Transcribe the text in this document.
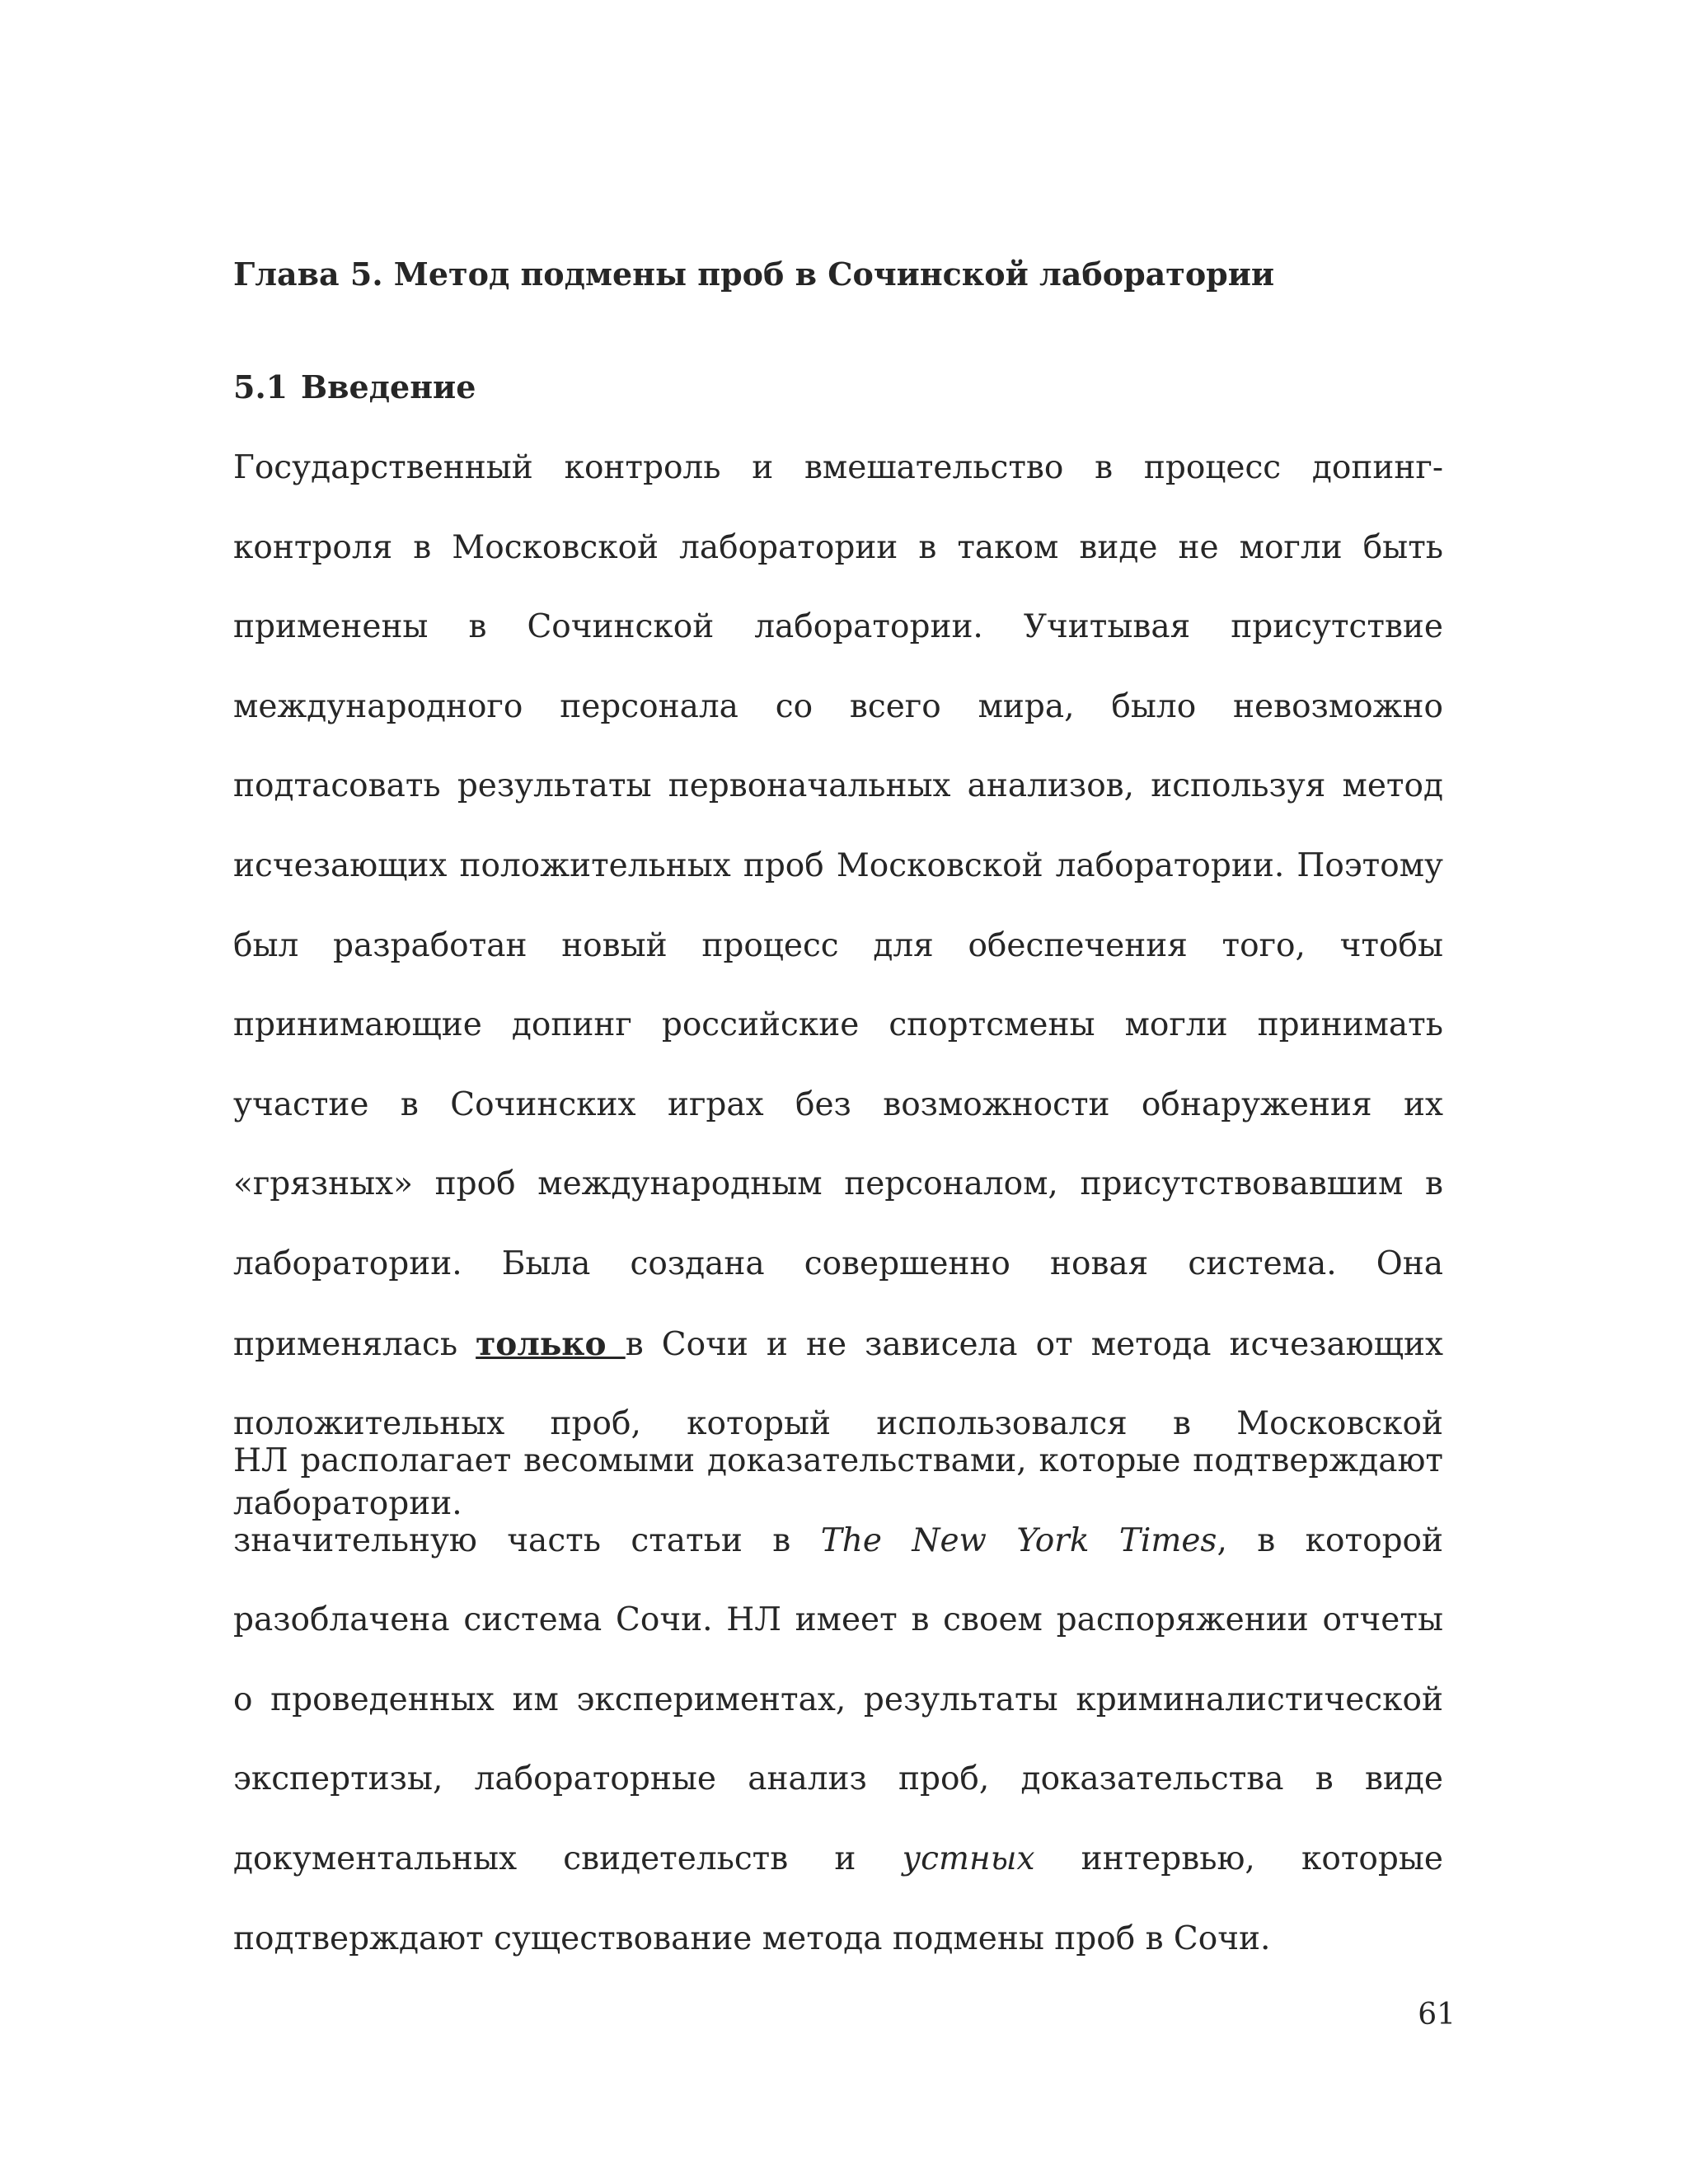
Глава 5. Метод подмены проб в Сочинской лаборатории
5.1 Введение

Государственный контроль и вмешательство в процесс допинг-контроля в Московской лаборатории в таком виде не могли быть применены в Сочинской лаборатории. Учитывая присутствие международного персонала со всего мира, было невозможно подтасовать результаты первоначальных анализов, используя метод исчезающих положительных проб Московской лаборатории. Поэтому был разработан новый процесс для обеспечения того, чтобы принимающие допинг российские спортсмены могли принимать участие в Сочинских играх без возможности обнаружения их «грязных» проб международным персоналом, присутствовавшим в лаборатории. Была создана совершенно новая система. Она применялась только в Сочи и не зависела от метода исчезающих положительных проб, который использовался в Московской лаборатории.

НЛ располагает весомыми доказательствами, которые подтверждают значительную часть статьи в The New York Times, в которой разоблачена система Сочи. НЛ имеет в своем распоряжении отчеты о проведенных им экспериментах, результаты криминалистической экспертизы, лабораторные анализ проб, доказательства в виде документальных свидетельств и устных интервью, которые подтверждают существование метода подмены проб в Сочи.

61
